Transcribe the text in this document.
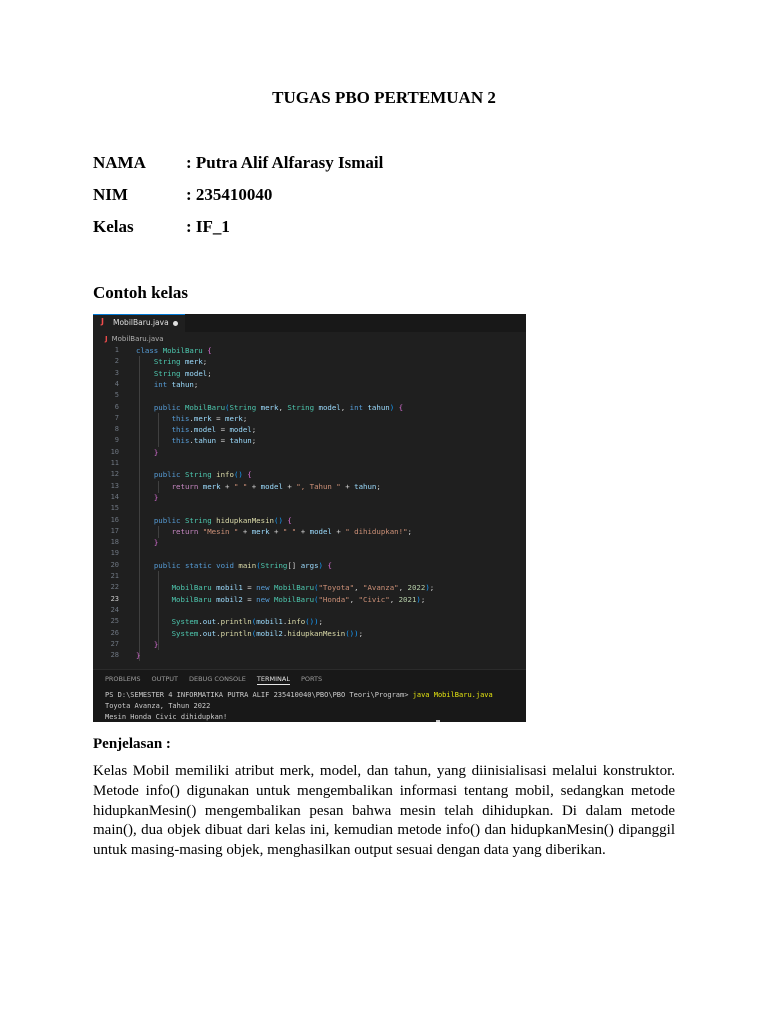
TUGAS PBO PERTEMUAN 2
NAMA : Putra Alif Alfarasy Ismail
NIM	: 235410040
Kelas	: IF_1
Contoh kelas
J MobilBaru.java
J MobilBaru.java
1 class MobilBaru {
2	String merk;
3	String model;
4	int tahun;
5
6	public MobilBaru(String merk, String model, int tahun) {
7	this.merk = merk;
8	this.model = model;
9	this.tahun = tahun;
10	}
11
12	public String info() {
13	return merk + " " + model + ", Tahun " + tahun;
14	}
15
16	public String hidupkanMesin() {
17	return "Mesin " + merk + " " + model + " dihidupkan!";
18	}
19
20	public static void main(String[] args) {
21
22	MobilBaru mobil1 = new MobilBaru("Toyota", "Avanza", 2022);
23	MobilBaru mobil2 = new MobilBaru("Honda", "Civic", 2021);
24
25	System.out.println(mobil1.info());
26	System.out.println(mobil2.hidupkanMesin());
27	}
28 }
PROBLEMS OUTPUT DEBUG CONSOLE TERMINAL PORTS
PS D:\SEMESTER 4 INFORMATIKA PUTRA ALIF 235410040\PBO\PBO Teori\Program> java MobilBaru.java
Toyota Avanza, Tahun 2022
Mesin Honda Civic dihidupkan!
Penjelasan :
Kelas Mobil memiliki atribut merk, model, dan tahun, yang diinisialisasi melalui konstruktor. Metode info() digunakan untuk mengembalikan informasi tentang mobil, sedangkan metode hidupkanMesin() mengembalikan pesan bahwa mesin telah dihidupkan. Di dalam metode main(), dua objek dibuat dari kelas ini, kemudian metode info() dan hidupkanMesin() dipanggil untuk masing-masing objek, menghasilkan output sesuai dengan data yang diberikan.
